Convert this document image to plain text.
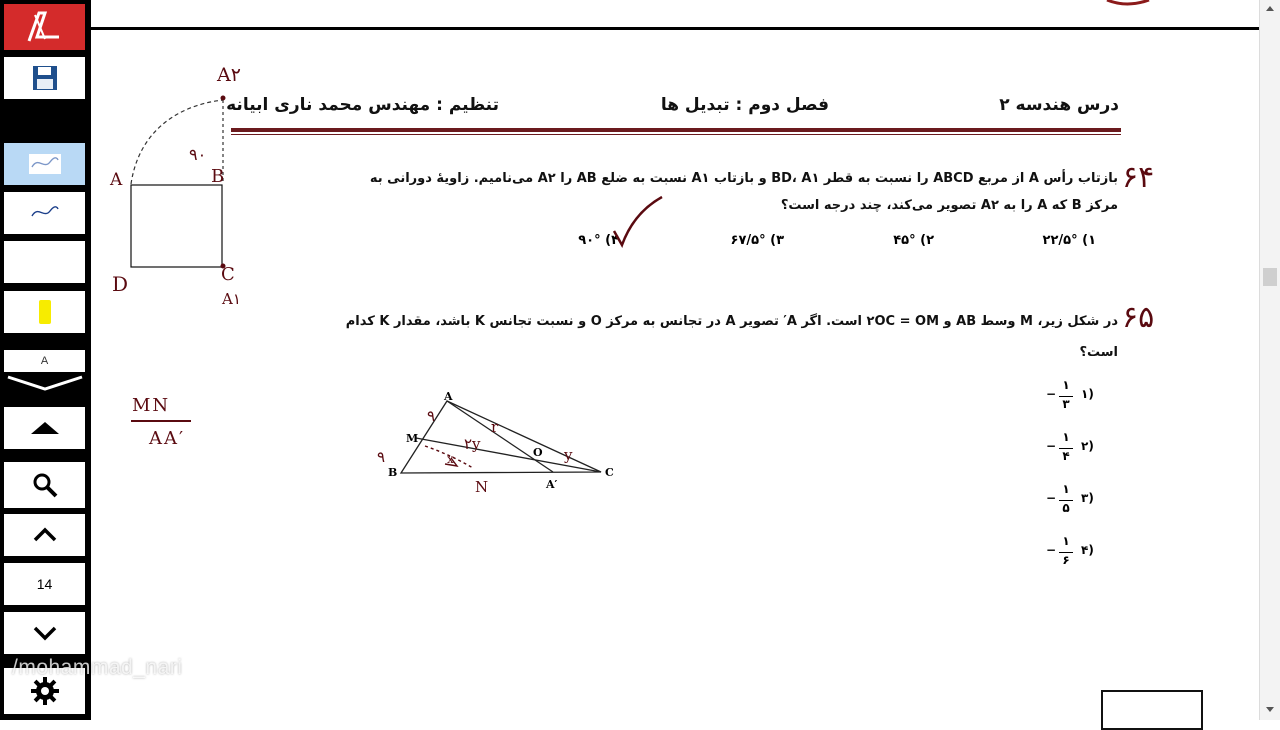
A
14
درس هندسه ۲
فصل دوم : تبدیل ها
تنظیم : مهندس محمد ناری ابیانه
۶۴
بازتاب رأس A از مربع ABCD را نسبت به قطر BD، A۱ و بازتاب A۱ نسبت به ضلع AB را A۲ می‌نامیم. زاویهٔ دورانی به
مرکز B که A را به A۲ تصویر می‌کند، چند درجه است؟
۱) ۲۲/۵°
۲) ۴۵°
۳) ۶۷/۵°
۴) ۹۰°
۶۵
در شکل زیر، M وسط AB و ۲OC = OM است. اگر A′ تصویر A در تجانس به مرکز O و نسبت تجانس K باشد، مقدار K کدام
است؟
۱)
−
۱
۳
۲)
−
۱
۴
۳)
−
۱
۵
۴)
−
۱
۶
A
B	C
M
O
A′
۹
r
۲y
y
x
N
۹
A۲
A
۹۰
B
D	C
A۱
MN
AA′
/mohammad_nari
